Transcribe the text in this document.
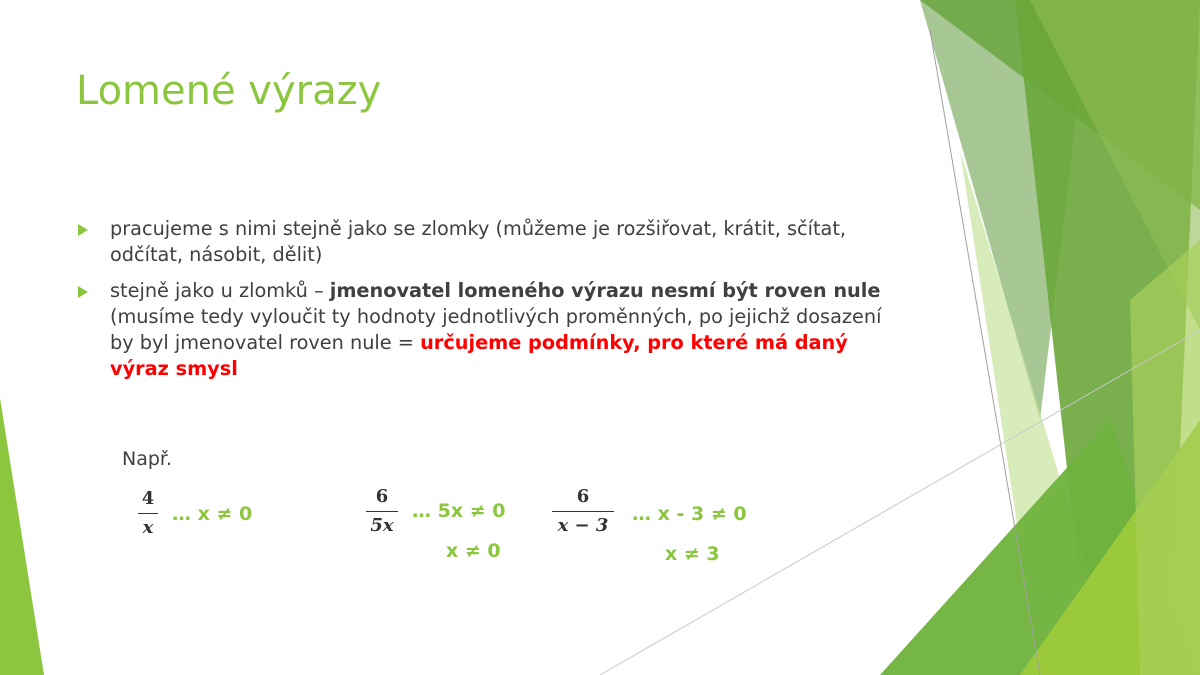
Lomené výrazy
pracujeme s nimi stejně jako se zlomky (můžeme je rozšiřovat, krátit, sčítat, odčítat, násobit, dělit)
stejně jako u zlomků – jmenovatel lomeného výrazu nesmí být roven nule (musíme tedy vyloučit ty hodnoty jednotlivých proměnných, po jejichž dosazení by byl jmenovatel roven nule = určujeme podmínky, pro které má daný výraz smysl
Např.
4
x
… x ≠ 0
6
5x
… 5x ≠ 0
x ≠ 0
6
x − 3
… x - 3 ≠ 0
x ≠ 3
